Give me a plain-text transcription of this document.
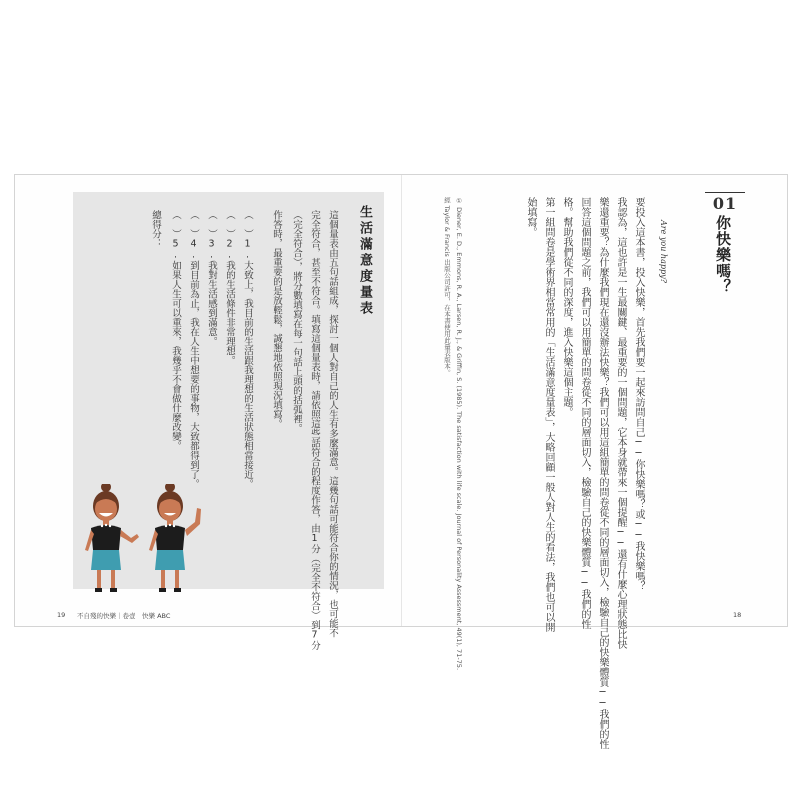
生活滿意度量表
這個量表由五句話組成，探討一個人對自己的人生有多麼滿意。這幾句話可能符合你的情況，也可能不
完全符合，甚至不符合。填寫這個量表時，請依照這些話符合的程度作答，由1分（完全不符合）到7分
（完全符合），將分數填寫在每一句話上頭的括弧裡。
作答時，最重要的是放輕鬆，誠懇地依照現況填寫。
（　）1.大致上，我目前的生活跟我理想的生活狀態相當接近。
（　）2.我的生活條件非常理想。
（　）3.我對生活感到滿意。
（　）4.到目前為止，我在人生中想要的事物，大致都得到了。
（　）5.如果人生可以重來，我幾乎不會做什麼改變。
總得分：
19 不自殘的快樂｜卷壹　快樂 ABC
01
你快樂嗎？
Are you happy?
要投入這本書，投入快樂，首先我們要一起來訪問自己──你快樂嗎？或──我快樂嗎？
我認為，這也許是一生最關鍵、最重要的一個問題，它本身就帶來一個提醒──還有什麼心理狀態比快
樂還重要？為什麼我們現在還沒辦法快樂？我們可以用這組簡單的問卷從不同的層面切入，檢驗自己的快樂體質──我們的性
回答這個問題之前，我們可以用簡單的問卷從不同的層面切入，檢驗自己的快樂體質──我們的性
格。幫助我們從不同的深度，進入快樂這個主題。
第一組問卷是學術界相當常用的「生活滿意度量表」，大略回顧一般人對人生的看法，我們也可以開
始填寫。
① Diener, E. D., Emmons, R. A., Larsen, R. J., & Griffin, S. (1985). The satisfaction with life scale. Journal of Personality Assessment, 49(1), 71-75.
經 Taylor & Francis 出版公司許可，在本書使用此量表版本。
18
